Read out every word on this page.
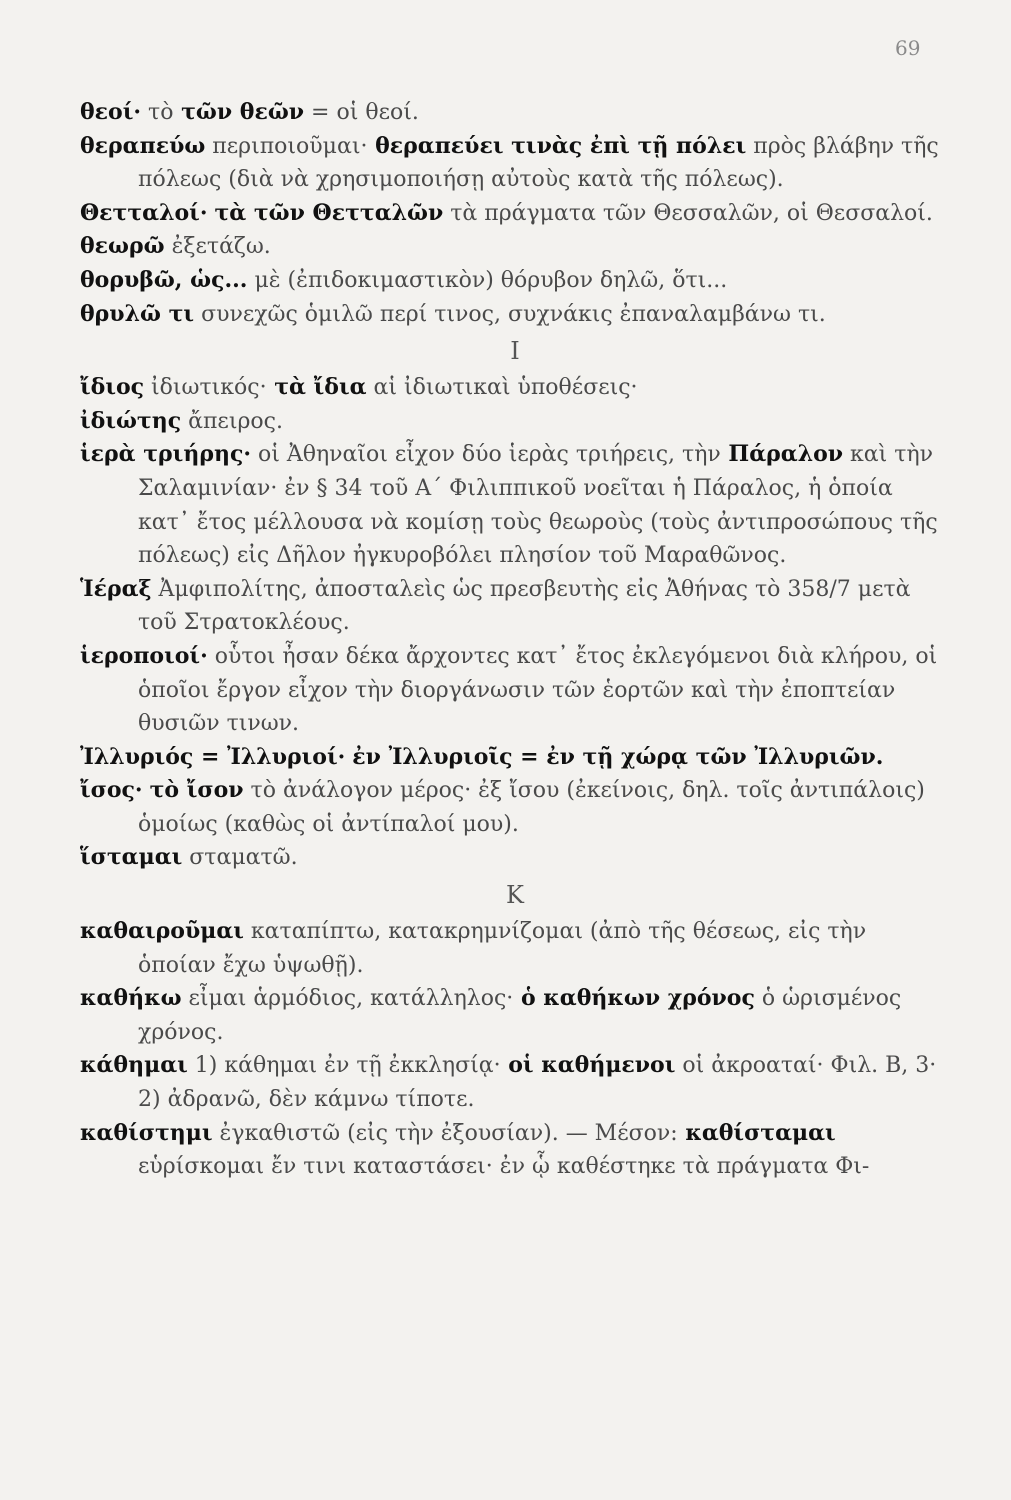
69

θεοί· τὸ τῶν θεῶν = οἱ θεοί.

θεραπεύω περιποιοῦμαι· θεραπεύει τινὰς ἐπὶ τῇ πόλει πρὸς βλάβην τῆς πόλεως (διὰ νὰ χρησιμοποιήσῃ αὐτοὺς κατὰ τῆς πόλεως).

Θετταλοί· τὰ τῶν Θετταλῶν τὰ πράγματα τῶν Θεσσαλῶν, οἱ Θεσσαλοί.

θεωρῶ ἐξετάζω.

θορυβῶ, ὡς... μὲ (ἐπιδοκιμαστικὸν) θόρυβον δηλῶ, ὅτι...

θρυλῶ τι συνεχῶς ὁμιλῶ περί τινος, συχνάκις ἐπαναλαμβάνω τι.

Ι

ἴδιος ἰδιωτικός· τὰ ἴδια αἱ ἰδιωτικαὶ ὑποθέσεις·

ἰδιώτης ἄπειρος.

ἱερὰ τριήρης· οἱ Ἀθηναῖοι εἶχον δύο ἱερὰς τριήρεις, τὴν Πάραλον καὶ τὴν Σαλαμινίαν· ἐν § 34 τοῦ Α΄ Φιλιππικοῦ νοεῖται ἡ Πάραλος, ἡ ὁποία κατ᾽ ἔτος μέλλουσα νὰ κομίσῃ τοὺς θεωροὺς (τοὺς ἀντιπροσώπους τῆς πόλεως) εἰς Δῆλον ἠγκυροβόλει πλησίον τοῦ Μαραθῶνος.

Ἱέραξ Ἀμφιπολίτης, ἀποσταλεὶς ὡς πρεσβευτὴς εἰς Ἀθήνας τὸ 358/7 μετὰ τοῦ Στρατοκλέους.

ἱεροποιοί· οὗτοι ἦσαν δέκα ἄρχοντες κατ᾽ ἔτος ἐκλεγόμενοι διὰ κλήρου, οἱ ὁποῖοι ἔργον εἶχον τὴν διοργάνωσιν τῶν ἑορτῶν καὶ τὴν ἐποπτείαν θυσιῶν τινων.

Ἰλλυριός = Ἰλλυριοί· ἐν Ἰλλυριοῖς = ἐν τῇ χώρᾳ τῶν Ἰλλυριῶν.

ἴσος· τὸ ἴσον τὸ ἀνάλογον μέρος· ἐξ ἴσου (ἐκείνοις, δηλ. τοῖς ἀντιπάλοις) ὁμοίως (καθὼς οἱ ἀντίπαλοί μου).

ἵσταμαι σταματῶ.

Κ

καθαιροῦμαι καταπίπτω, κατακρημνίζομαι (ἀπὸ τῆς θέσεως, εἰς τὴν ὁποίαν ἔχω ὑψωθῇ).

καθήκω εἶμαι ἁρμόδιος, κατάλληλος· ὁ καθήκων χρόνος ὁ ὡρισμένος χρόνος.

κάθημαι 1) κάθημαι ἐν τῇ ἐκκλησίᾳ· οἱ καθήμενοι οἱ ἀκροαταί· Φιλ. Β, 3· 2) ἀδρανῶ, δὲν κάμνω τίποτε.

καθίστημι ἐγκαθιστῶ (εἰς τὴν ἐξουσίαν). — Μέσον: καθίσταμαι εὑρίσκομαι ἔν τινι καταστάσει· ἐν ᾧ καθέστηκε τὰ πράγματα Φι-
